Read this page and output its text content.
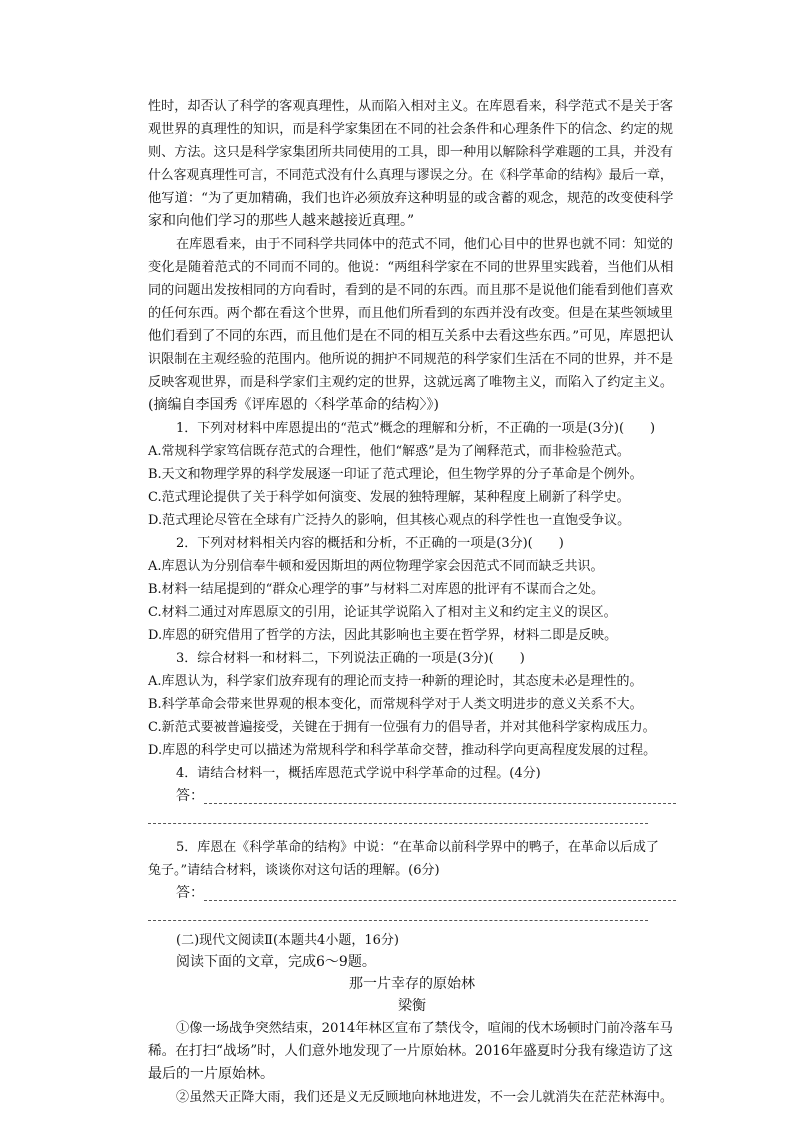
性时，却否认了科学的客观真理性，从而陷入相对主义。在库恩看来，科学范式不是关于客
观世界的真理性的知识，而是科学家集团在不同的社会条件和心理条件下的信念、约定的规
则、方法。这只是科学家集团所共同使用的工具，即一种用以解除科学难题的工具，并没有
什么客观真理性可言，不同范式没有什么真理与谬误之分。在《科学革命的结构》最后一章，
他写道：“为了更加精确，我们也许必须放弃这种明显的或含蓄的观念，规范的改变使科学
家和向他们学习的那些人越来越接近真理。”
在库恩看来，由于不同科学共同体中的范式不同，他们心目中的世界也就不同：知觉的
变化是随着范式的不同而不同的。他说：“两组科学家在不同的世界里实践着，当他们从相
同的问题出发按相同的方向看时，看到的是不同的东西。而且那不是说他们能看到他们喜欢
的任何东西。两个都在看这个世界，而且他们所看到的东西并没有改变。但是在某些领域里
他们看到了不同的东西，而且他们是在不同的相互关系中去看这些东西。”可见，库恩把认
识限制在主观经验的范围内。他所说的拥护不同规范的科学家们生活在不同的世界，并不是
反映客观世界，而是科学家们主观约定的世界，这就远离了唯物主义，而陷入了约定主义。
(摘编自李国秀《评库恩的〈科学革命的结构〉》)
1．下列对材料中库恩提出的“范式”概念的理解和分析，不正确的一项是(3分)(　　)
A.常规科学家笃信既存范式的合理性，他们“解惑”是为了阐释范式，而非检验范式。
B.天文和物理学界的科学发展逐一印证了范式理论，但生物学界的分子革命是个例外。
C.范式理论提供了关于科学如何演变、发展的独特理解，某种程度上刷新了科学史。
D.范式理论尽管在全球有广泛持久的影响，但其核心观点的科学性也一直饱受争议。
2．下列对材料相关内容的概括和分析，不正确的一项是(3分)(　　)
A.库恩认为分别信奉牛顿和爱因斯坦的两位物理学家会因范式不同而缺乏共识。
B.材料一结尾提到的“群众心理学的事”与材料二对库恩的批评有不谋而合之处。
C.材料二通过对库恩原文的引用，论证其学说陷入了相对主义和约定主义的误区。
D.库恩的研究借用了哲学的方法，因此其影响也主要在哲学界，材料二即是反映。
3．综合材料一和材料二，下列说法正确的一项是(3分)(　　)
A.库恩认为，科学家们放弃现有的理论而支持一种新的理论时，其态度未必是理性的。
B.科学革命会带来世界观的根本变化，而常规科学对于人类文明进步的意义关系不大。
C.新范式要被普遍接受，关键在于拥有一位强有力的倡导者，并对其他科学家构成压力。
D.库恩的科学史可以描述为常规科学和科学革命交替，推动科学向更高程度发展的过程。
4．请结合材料一，概括库恩范式学说中科学革命的过程。(4分)
答：
5．库恩在《科学革命的结构》中说：“在革命以前科学界中的鸭子，在革命以后成了
兔子。”请结合材料，谈谈你对这句话的理解。(6分)
答：
(二)现代文阅读Ⅱ(本题共4小题，16分)
阅读下面的文章，完成6～9题。
那一片幸存的原始林
梁衡
①像一场战争突然结束，2014年林区宣布了禁伐令，喧闹的伐木场顿时门前冷落车马
稀。在打扫“战场”时，人们意外地发现了一片原始林。2016年盛夏时分我有缘造访了这
最后的一片原始林。
②虽然天正降大雨，我们还是义无反顾地向林地进发，不一会儿就消失在茫茫林海中。
